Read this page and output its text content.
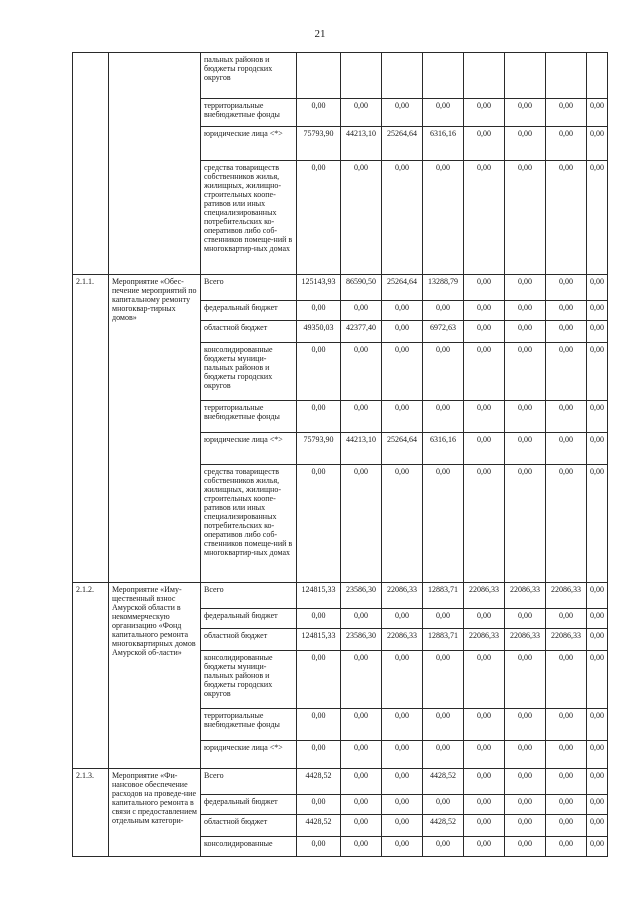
21
		пальных районов и бюджеты городских округов								
		территориальные внебюджетные фонды	0,00	0,00	0,00	0,00	0,00	0,00	0,00	0,00
		юридические лица <*>	75793,90	44213,10	25264,64	6316,16	0,00	0,00	0,00	0,00
		средства товариществ собственников жилья, жилищных, жилищно-строительных коопе-ративов или иных специализированных потребительских ко-оперативов либо соб-ственников помеще-ний в многоквартир-ных домах	0,00	0,00	0,00	0,00	0,00	0,00	0,00	0,00
2.1.1.	Мероприятие «Обес-печение мероприятий по капитальному ремонту многоквар-тирных домов»	Всего	125143,93	86590,50	25264,64	13288,79	0,00	0,00	0,00	0,00
		федеральный бюджет	0,00	0,00	0,00	0,00	0,00	0,00	0,00	0,00
		областной бюджет	49350,03	42377,40	0,00	6972,63	0,00	0,00	0,00	0,00
		консолидированные бюджеты муници-пальных районов и бюджеты городских округов	0,00	0,00	0,00	0,00	0,00	0,00	0,00	0,00
		территориальные внебюджетные фонды	0,00	0,00	0,00	0,00	0,00	0,00	0,00	0,00
		юридические лица <*>	75793,90	44213,10	25264,64	6316,16	0,00	0,00	0,00	0,00
		средства товариществ собственников жилья, жилищных, жилищно-строительных коопе-ративов или иных специализированных потребительских ко-оперативов либо соб-ственников помеще-ний в многоквартир-ных домах	0,00	0,00	0,00	0,00	0,00	0,00	0,00	0,00
2.1.2.	Мероприятие «Иму-щественный взнос Амурской области в некоммерческую организацию «Фонд капитального ремонта многоквартирных домов Амурской об-ласти»	Всего	124815,33	23586,30	22086,33	12883,71	22086,33	22086,33	22086,33	0,00
		федеральный бюджет	0,00	0,00	0,00	0,00	0,00	0,00	0,00	0,00
		областной бюджет	124815,33	23586,30	22086,33	12883,71	22086,33	22086,33	22086,33	0,00
		консолидированные бюджеты муници-пальных районов и бюджеты городских округов	0,00	0,00	0,00	0,00	0,00	0,00	0,00	0,00
		территориальные внебюджетные фонды	0,00	0,00	0,00	0,00	0,00	0,00	0,00	0,00
		юридические лица <*>	0,00	0,00	0,00	0,00	0,00	0,00	0,00	0,00
2.1.3.	Мероприятие «Фи-нансовое обеспечение расходов на проведе-ние капитального ремонта в связи с предоставлением отдельным категори-	Всего	4428,52	0,00	0,00	4428,52	0,00	0,00	0,00	0,00
		федеральный бюджет	0,00	0,00	0,00	0,00	0,00	0,00	0,00	0,00
		областной бюджет	4428,52	0,00	0,00	4428,52	0,00	0,00	0,00	0,00
		консолидированные	0,00	0,00	0,00	0,00	0,00	0,00	0,00	0,00
